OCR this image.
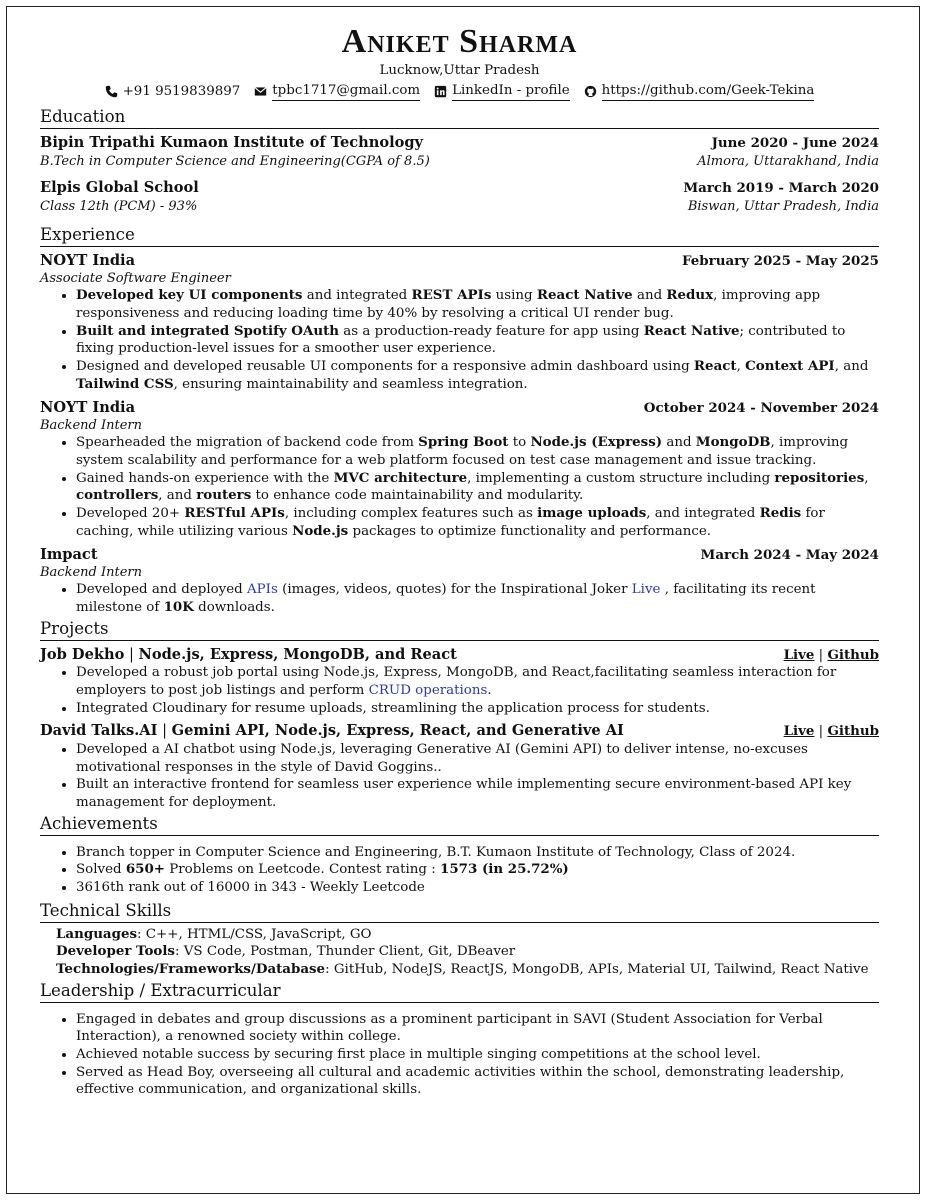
Aniket Sharma
Lucknow,Uttar Pradesh
+91 9519839897 tpbc1717@gmail.com LinkedIn - profile https://github.com/Geek-Tekina
Education
Bipin Tripathi Kumaon Institute of Technology	June 2020 - June 2024
B.Tech in Computer Science and Engineering(CGPA of 8.5)	Almora, Uttarakhand, India
Elpis Global School	March 2019 - March 2020
Class 12th (PCM) - 93%	Biswan, Uttar Pradesh, India
Experience
NOYT India	February 2025 - May 2025
Associate Software Engineer
• Developed key UI components and integrated REST APIs using React Native and Redux, improving app responsiveness and reducing loading time by 40% by resolving a critical UI render bug.
• Built and integrated Spotify OAuth as a production-ready feature for app using React Native; contributed to fixing production-level issues for a smoother user experience.
• Designed and developed reusable UI components for a responsive admin dashboard using React, Context API, and Tailwind CSS, ensuring maintainability and seamless integration.
NOYT India	October 2024 - November 2024
Backend Intern
• Spearheaded the migration of backend code from Spring Boot to Node.js (Express) and MongoDB, improving system scalability and performance for a web platform focused on test case management and issue tracking.
• Gained hands-on experience with the MVC architecture, implementing a custom structure including repositories, controllers, and routers to enhance code maintainability and modularity.
• Developed 20+ RESTful APIs, including complex features such as image uploads, and integrated Redis for caching, while utilizing various Node.js packages to optimize functionality and performance.
Impact	March 2024 - May 2024
Backend Intern
• Developed and deployed APIs (images, videos, quotes) for the Inspirational Joker Live , facilitating its recent milestone of 10K downloads.
Projects
Job Dekho | Node.js, Express, MongoDB, and React	Live | Github
• Developed a robust job portal using Node.js, Express, MongoDB, and React,facilitating seamless interaction for employers to post job listings and perform CRUD operations.
• Integrated Cloudinary for resume uploads, streamlining the application process for students.
David Talks.AI | Gemini API, Node.js, Express, React, and Generative AI	Live | Github
• Developed a AI chatbot using Node.js, leveraging Generative AI (Gemini API) to deliver intense, no-excuses motivational responses in the style of David Goggins..
• Built an interactive frontend for seamless user experience while implementing secure environment-based API key management for deployment.
Achievements
• Branch topper in Computer Science and Engineering, B.T. Kumaon Institute of Technology, Class of 2024.
• Solved 650+ Problems on Leetcode. Contest rating : 1573 (in 25.72%)
• 3616th rank out of 16000 in 343 - Weekly Leetcode
Technical Skills
Languages: C++, HTML/CSS, JavaScript, GO
Developer Tools: VS Code, Postman, Thunder Client, Git, DBeaver
Technologies/Frameworks/Database: GitHub, NodeJS, ReactJS, MongoDB, APIs, Material UI, Tailwind, React Native
Leadership / Extracurricular
• Engaged in debates and group discussions as a prominent participant in SAVI (Student Association for Verbal Interaction), a renowned society within college.
• Achieved notable success by securing first place in multiple singing competitions at the school level.
• Served as Head Boy, overseeing all cultural and academic activities within the school, demonstrating leadership, effective communication, and organizational skills.
